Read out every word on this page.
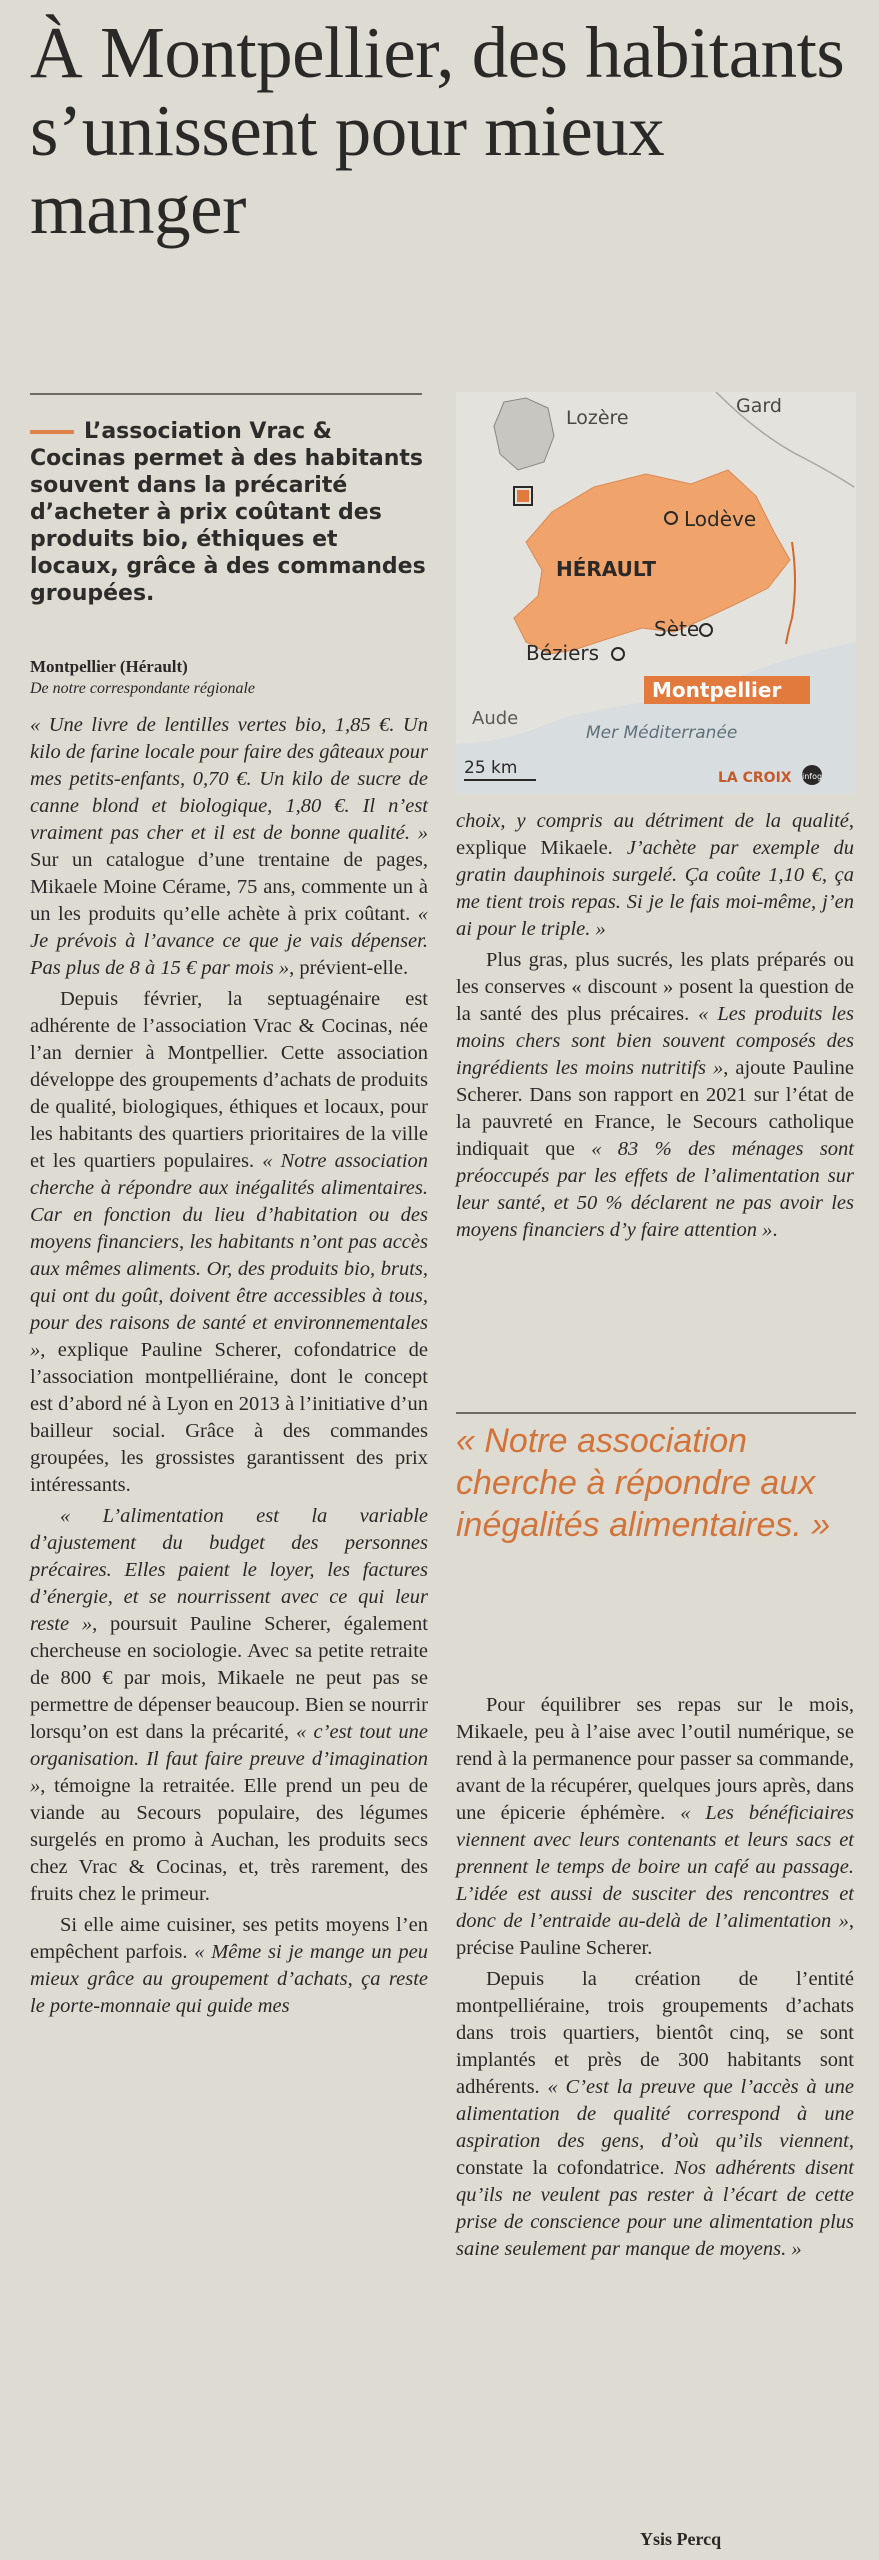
À Montpellier, des habitants s’unissent pour mieux manger

L’association Vrac & Cocinas permet à des habitants souvent dans la précarité d’acheter à prix coûtant des produits bio, éthiques et locaux, grâce à des commandes groupées.

Montpellier (Hérault)
De notre correspondante régionale
Lozère
Gard
Lodève
HÉRAULT
Sète
Béziers
Montpellier
Aude
Mer Méditerranée
25 km	LA CROIX infog

« Une livre de lentilles vertes bio, 1,85 €. Un kilo de farine locale pour faire des gâteaux pour mes petits-enfants, 0,70 €. Un kilo de sucre de canne blond et biologique, 1,80 €. Il n’est vraiment pas cher et il est de bonne qualité. » Sur un catalogue d’une trentaine de pages, Mikaele Moine Cérame, 75 ans, commente un à un les produits qu’elle achète à prix coûtant. « Je prévois à l’avance ce que je vais dépenser. Pas plus de 8 à 15 € par mois », prévient-elle.

Depuis février, la septuagénaire est adhérente de l’association Vrac & Cocinas, née l’an dernier à Montpellier. Cette association développe des groupements d’achats de produits de qualité, biologiques, éthiques et locaux, pour les habitants des quartiers prioritaires de la ville et les quartiers populaires. « Notre association cherche à répondre aux inégalités alimentaires. Car en fonction du lieu d’habitation ou des moyens financiers, les habitants n’ont pas accès aux mêmes aliments. Or, des produits bio, bruts, qui ont du goût, doivent être accessibles à tous, pour des raisons de santé et environnementales », explique Pauline Scherer, cofondatrice de l’association montpelliéraine, dont le concept est d’abord né à Lyon en 2013 à l’initiative d’un bailleur social. Grâce à des commandes groupées, les grossistes garantissent des prix intéressants.

« L’alimentation est la variable d’ajustement du budget des personnes précaires. Elles paient le loyer, les factures d’énergie, et se nourrissent avec ce qui leur reste », poursuit Pauline Scherer, également chercheuse en sociologie. Avec sa petite retraite de 800 € par mois, Mikaele ne peut pas se permettre de dépenser beaucoup. Bien se nourrir lorsqu’on est dans la précarité, « c’est tout une organisation. Il faut faire preuve d’imagination », témoigne la retraitée. Elle prend un peu de viande au Secours populaire, des légumes surgelés en promo à Auchan, les produits secs chez Vrac & Cocinas, et, très rarement, des fruits chez le primeur.

Si elle aime cuisiner, ses petits moyens l’en empêchent parfois. « Même si je mange un peu mieux grâce au groupement d’achats, ça reste le porte-monnaie qui guide mes

choix, y compris au détriment de la qualité, explique Mikaele. J’achète par exemple du gratin dauphinois surgelé. Ça coûte 1,10 €, ça me tient trois repas. Si je le fais moi-même, j’en ai pour le triple. »

Plus gras, plus sucrés, les plats préparés ou les conserves « discount » posent la question de la santé des plus précaires. « Les produits les moins chers sont bien souvent composés des ingrédients les moins nutritifs », ajoute Pauline Scherer. Dans son rapport en 2021 sur l’état de la pauvreté en France, le Secours catholique indiquait que « 83 % des ménages sont préoccupés par les effets de l’alimentation sur leur santé, et 50 % déclarent ne pas avoir les moyens financiers d’y faire attention ».

« Notre association cherche à répondre aux inégalités alimentaires. »

Pour équilibrer ses repas sur le mois, Mikaele, peu à l’aise avec l’outil numérique, se rend à la permanence pour passer sa commande, avant de la récupérer, quelques jours après, dans une épicerie éphémère. « Les bénéficiaires viennent avec leurs contenants et leurs sacs et prennent le temps de boire un café au passage. L’idée est aussi de susciter des rencontres et donc de l’entraide au-delà de l’alimentation », précise Pauline Scherer.

Depuis la création de l’entité montpelliéraine, trois groupements d’achats dans trois quartiers, bientôt cinq, se sont implantés et près de 300 habitants sont adhérents. « C’est la preuve que l’accès à une alimentation de qualité correspond à une aspiration des gens, d’où qu’ils viennent, constate la cofondatrice. Nos adhérents disent qu’ils ne veulent pas rester à l’écart de cette prise de conscience pour une alimentation plus saine seulement par manque de moyens. »

Ysis Percq
